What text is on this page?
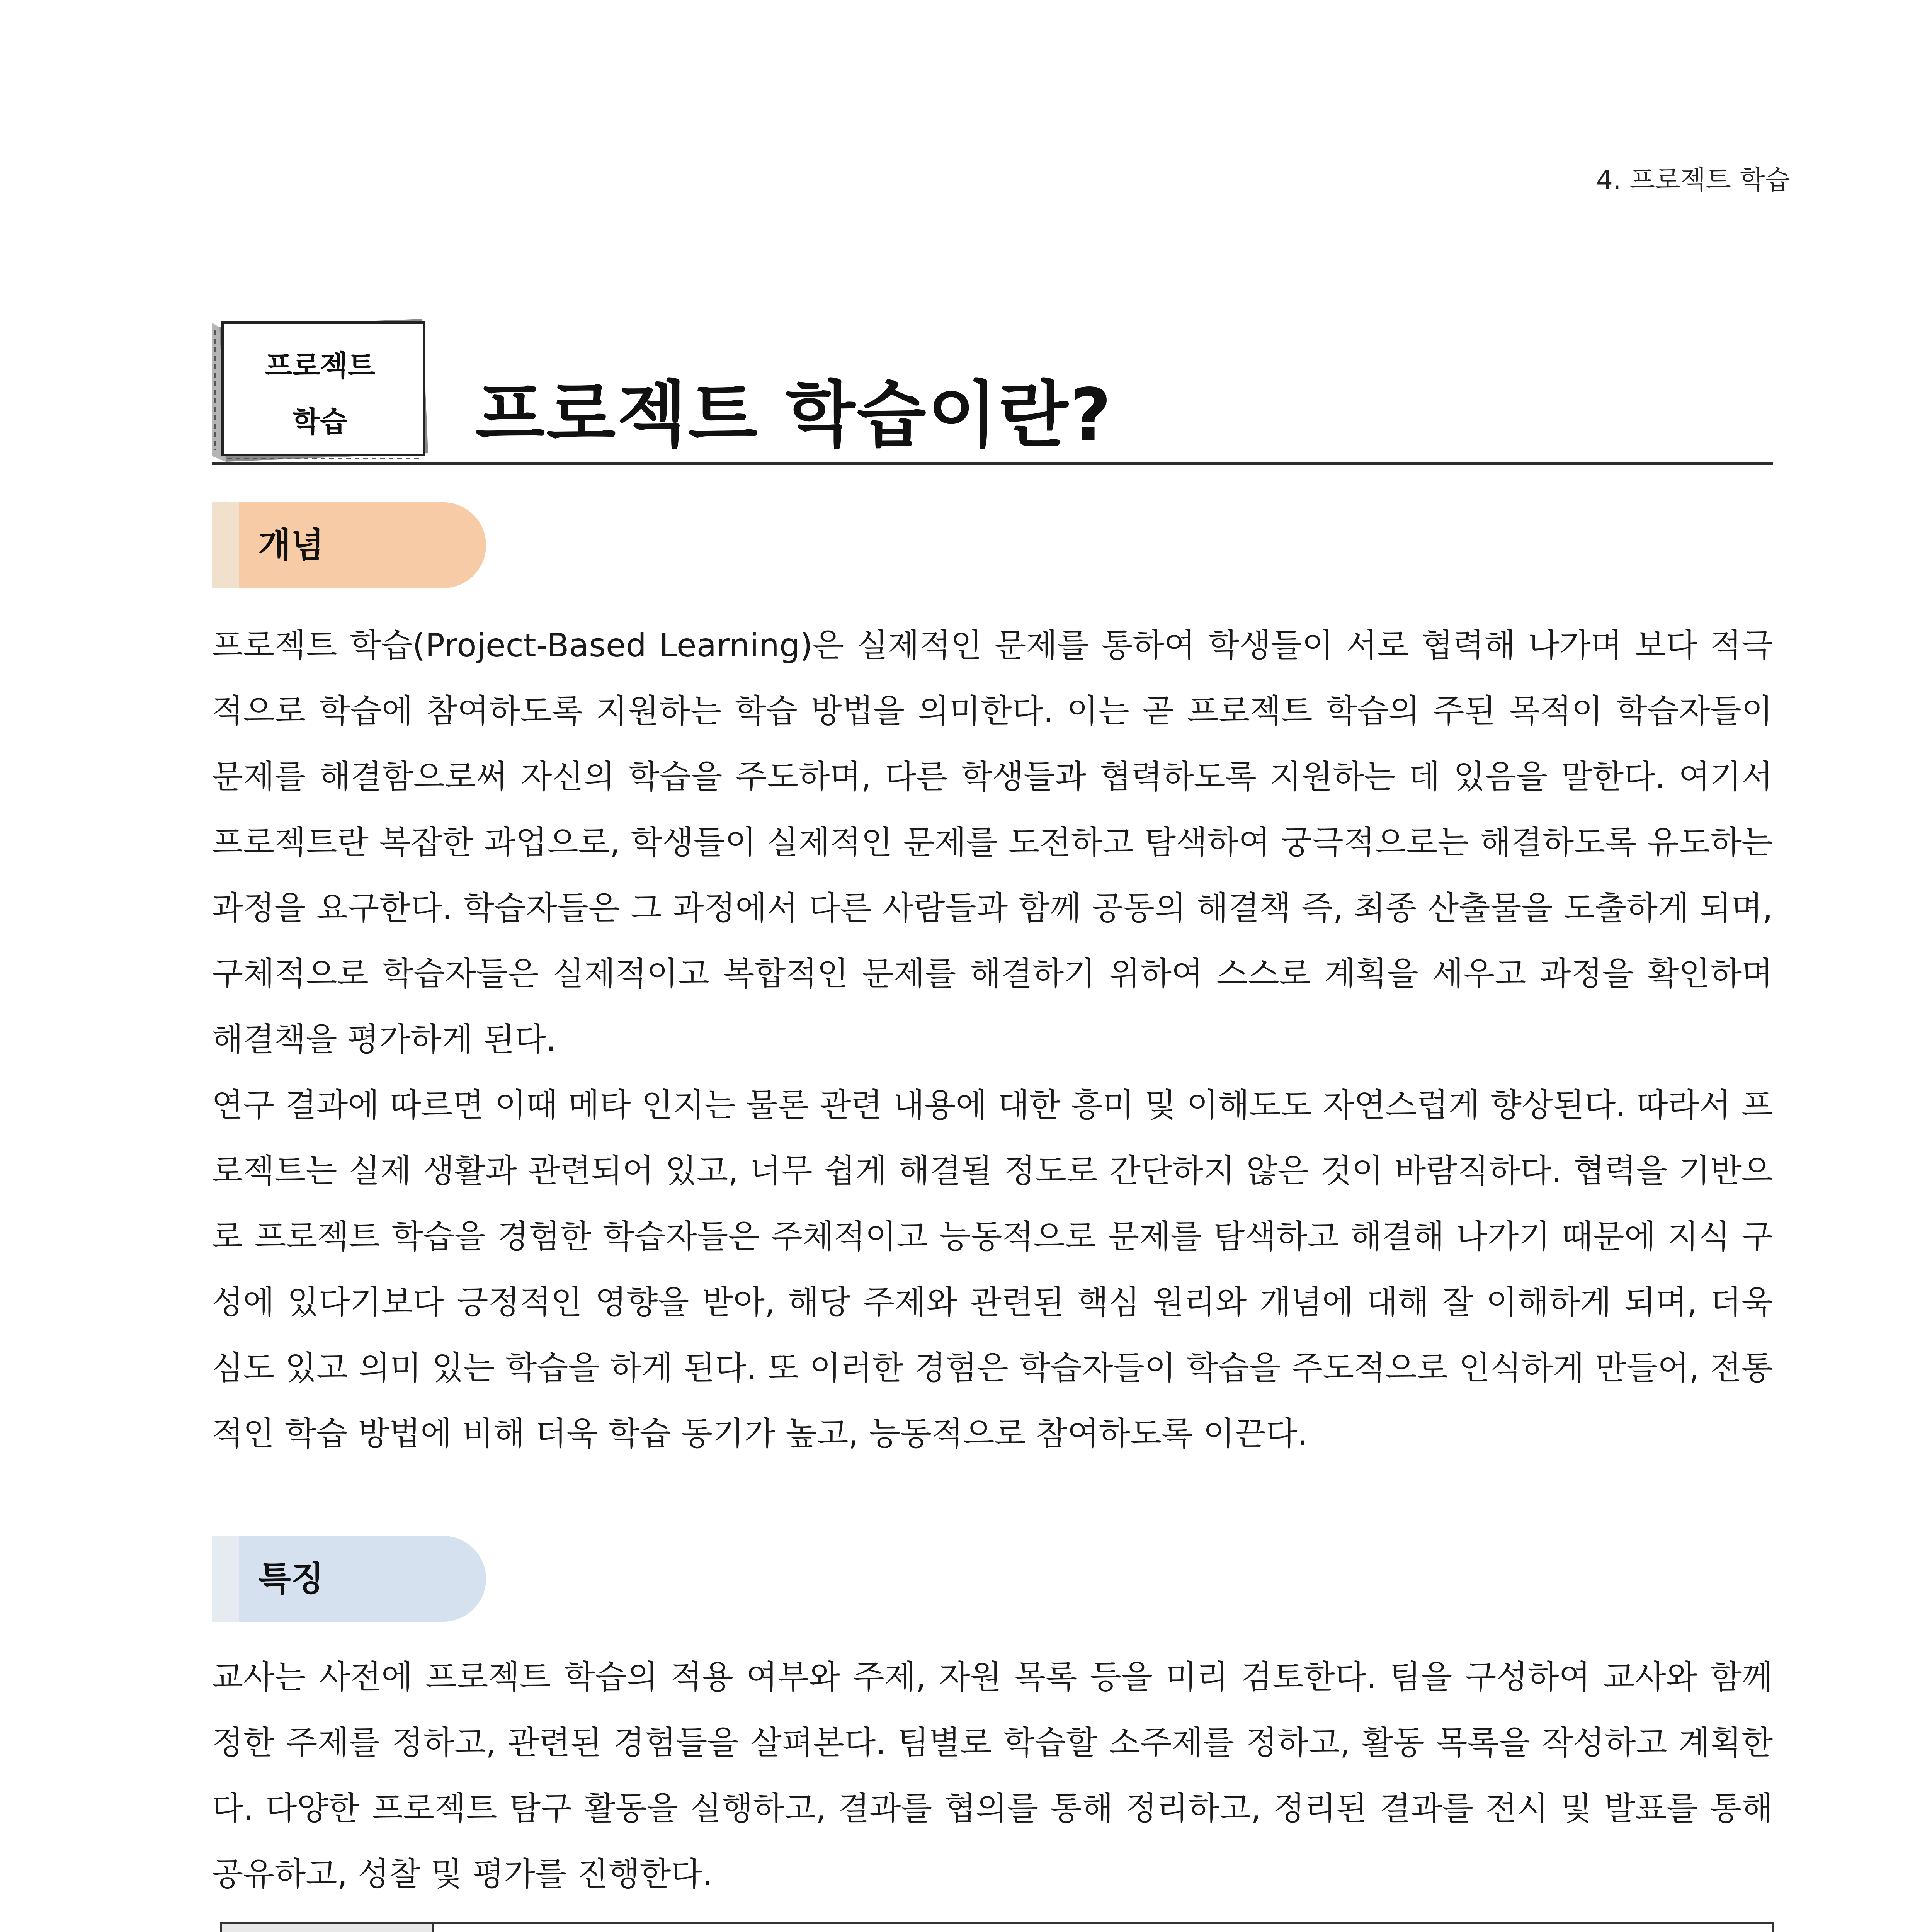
4. 프로젝트 학습
프로젝트
학습	프로젝트 학습이란?
개념
프로젝트 학습(Project-Based Learning)은 실제적인 문제를 통하여 학생들이 서로 협력해 나가며 보다 적극적으로 학습에 참여하도록 지원하는 학습 방법을 의미한다. 이는 곧 프로젝트 학습의 주된 목적이 학습자들이 문제를 해결함으로써 자신의 학습을 주도하며, 다른 학생들과 협력하도록 지원하는 데 있음을 말한다. 여기서 프로젝트란 복잡한 과업으로, 학생들이 실제적인 문제를 도전하고 탐색하여 궁극적으로는 해결하도록 유도하는 과정을 요구한다. 학습자들은 그 과정에서 다른 사람들과 함께 공동의 해결책 즉, 최종 산출물을 도출하게 되며, 구체적으로 학습자들은 실제적이고 복합적인 문제를 해결하기 위하여 스스로 계획을 세우고 과정을 확인하며 해결책을 평가하게 된다.
연구 결과에 따르면 이때 메타 인지는 물론 관련 내용에 대한 흥미 및 이해도도 자연스럽게 향상된다. 따라서 프로젝트는 실제 생활과 관련되어 있고, 너무 쉽게 해결될 정도로 간단하지 않은 것이 바람직하다. 협력을 기반으로 프로젝트 학습을 경험한 학습자들은 주체적이고 능동적으로 문제를 탐색하고 해결해 나가기 때문에 지식 구성에 있다기보다 긍정적인 영향을 받아, 해당 주제와 관련된 핵심 원리와 개념에 대해 잘 이해하게 되며, 더욱 심도 있고 의미 있는 학습을 하게 된다. 또 이러한 경험은 학습자들이 학습을 주도적으로 인식하게 만들어, 전통적인 학습 방법에 비해 더욱 학습 동기가 높고, 능동적으로 참여하도록 이끈다.
특징
교사는 사전에 프로젝트 학습의 적용 여부와 주제, 자원 목록 등을 미리 검토한다. 팀을 구성하여 교사와 함께 정한 주제를 정하고, 관련된 경험들을 살펴본다. 팀별로 학습할 소주제를 정하고, 활동 목록을 작성하고 계획한다. 다양한 프로젝트 탐구 활동을 실행하고, 결과를 협의를 통해 정리하고, 정리된 결과를 전시 및 발표를 통해 공유하고, 성찰 및 평가를 진행한다.
